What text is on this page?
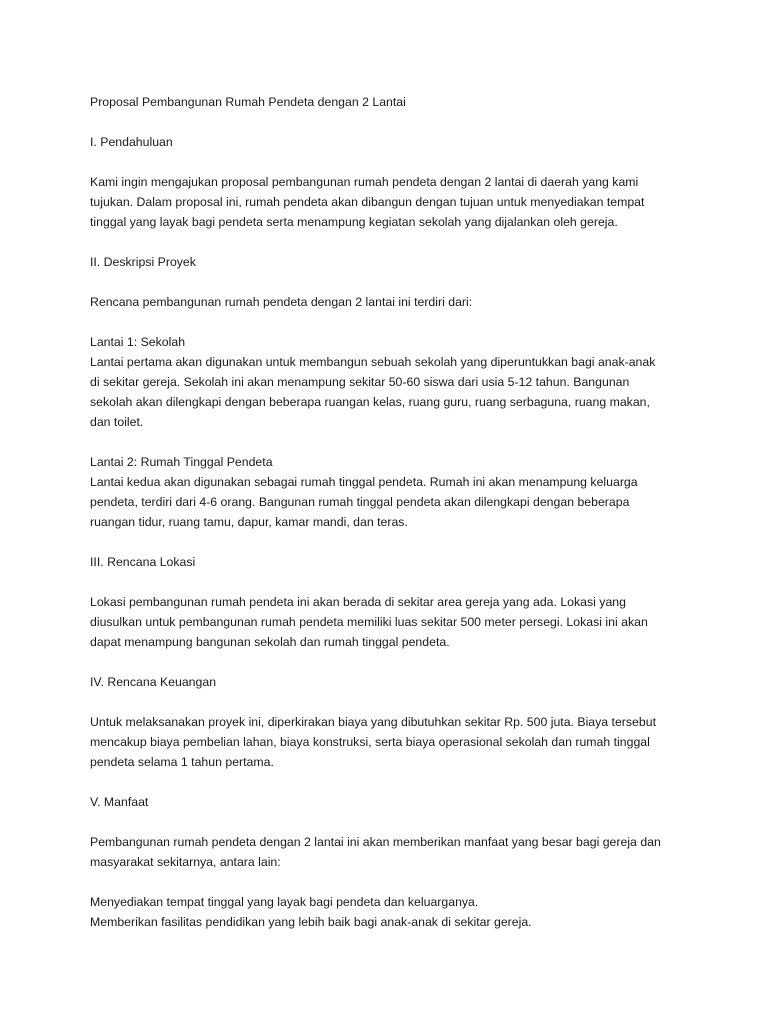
Proposal Pembangunan Rumah Pendeta dengan 2 Lantai
I. Pendahuluan
Kami ingin mengajukan proposal pembangunan rumah pendeta dengan 2 lantai di daerah yang kami
tujukan. Dalam proposal ini, rumah pendeta akan dibangun dengan tujuan untuk menyediakan tempat
tinggal yang layak bagi pendeta serta menampung kegiatan sekolah yang dijalankan oleh gereja.
II. Deskripsi Proyek
Rencana pembangunan rumah pendeta dengan 2 lantai ini terdiri dari:
Lantai 1: Sekolah
Lantai pertama akan digunakan untuk membangun sebuah sekolah yang diperuntukkan bagi anak-anak
di sekitar gereja. Sekolah ini akan menampung sekitar 50-60 siswa dari usia 5-12 tahun. Bangunan
sekolah akan dilengkapi dengan beberapa ruangan kelas, ruang guru, ruang serbaguna, ruang makan,
dan toilet.
Lantai 2: Rumah Tinggal Pendeta
Lantai kedua akan digunakan sebagai rumah tinggal pendeta. Rumah ini akan menampung keluarga
pendeta, terdiri dari 4-6 orang. Bangunan rumah tinggal pendeta akan dilengkapi dengan beberapa
ruangan tidur, ruang tamu, dapur, kamar mandi, dan teras.
III. Rencana Lokasi
Lokasi pembangunan rumah pendeta ini akan berada di sekitar area gereja yang ada. Lokasi yang
diusulkan untuk pembangunan rumah pendeta memiliki luas sekitar 500 meter persegi. Lokasi ini akan
dapat menampung bangunan sekolah dan rumah tinggal pendeta.
IV. Rencana Keuangan
Untuk melaksanakan proyek ini, diperkirakan biaya yang dibutuhkan sekitar Rp. 500 juta. Biaya tersebut
mencakup biaya pembelian lahan, biaya konstruksi, serta biaya operasional sekolah dan rumah tinggal
pendeta selama 1 tahun pertama.
V. Manfaat
Pembangunan rumah pendeta dengan 2 lantai ini akan memberikan manfaat yang besar bagi gereja dan
masyarakat sekitarnya, antara lain:
Menyediakan tempat tinggal yang layak bagi pendeta dan keluarganya.
Memberikan fasilitas pendidikan yang lebih baik bagi anak-anak di sekitar gereja.
